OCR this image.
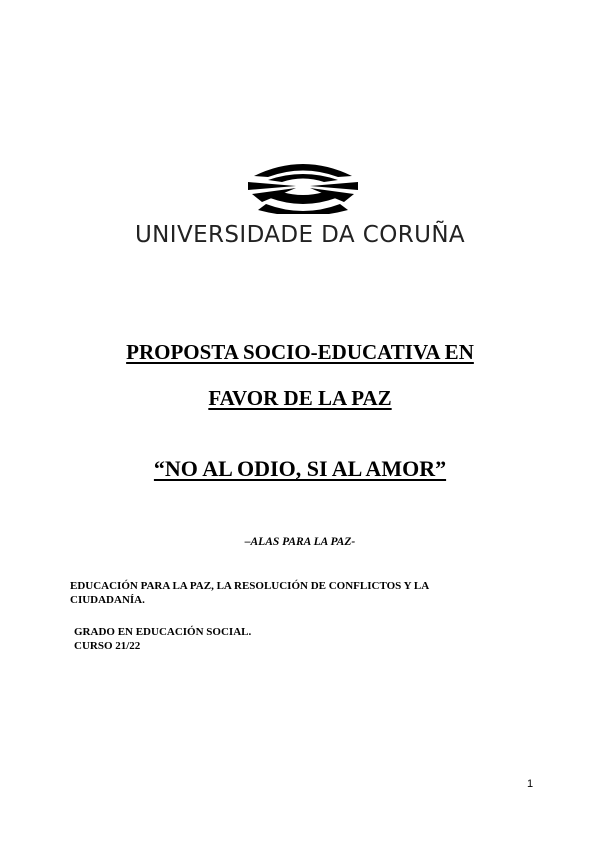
UNIVERSIDADE DA CORUÑA
PROPOSTA SOCIO-EDUCATIVA EN
FAVOR DE LA PAZ
“NO AL ODIO, SI AL AMOR”
–ALAS PARA LA PAZ-
EDUCACIÓN PARA LA PAZ, LA RESOLUCIÓN DE CONFLICTOS Y LA CIUDADANÍA.
GRADO EN EDUCACIÓN SOCIAL.
CURSO 21/22
1
